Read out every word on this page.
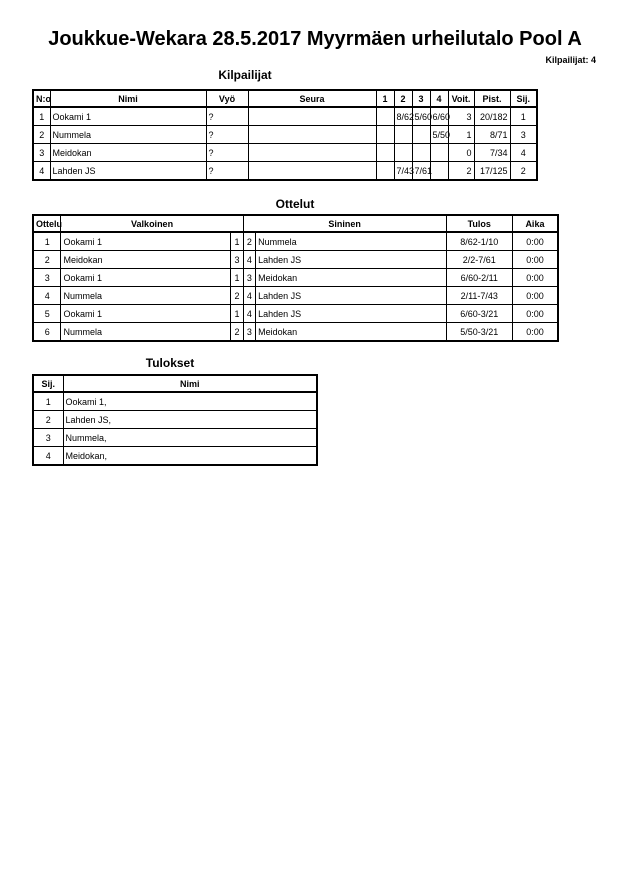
Joukkue-Wekara 28.5.2017 Myyrmäen urheilutalo Pool A
Kilpailijat: 4
Kilpailijat
N:o	Nimi	Vyö	Seura	1	2	3	4	Voit.	Pist.	Sij.
1	Ookami 1	?			8/62	5/60	6/60	3	20/182	1
2	Nummela	?					5/50	1	8/71	3
3	Meidokan	?						0	7/34	4
4	Lahden JS	?			7/43	7/61		2	17/125	2
Ottelut
Ottelu	Valkoinen		Sininen		Tulos	Aika
1	Ookami 1	1	2	Nummela	8/62-1/10	0:00
2	Meidokan	3	4	Lahden JS	2/2-7/61	0:00
3	Ookami 1	1	3	Meidokan	6/60-2/11	0:00
4	Nummela	2	4	Lahden JS	2/11-7/43	0:00
5	Ookami 1	1	4	Lahden JS	6/60-3/21	0:00
6	Nummela	2	3	Meidokan	5/50-3/21	0:00
Tulokset
Sij.	Nimi
1	Ookami 1,
2	Lahden JS,
3	Nummela,
4	Meidokan,
